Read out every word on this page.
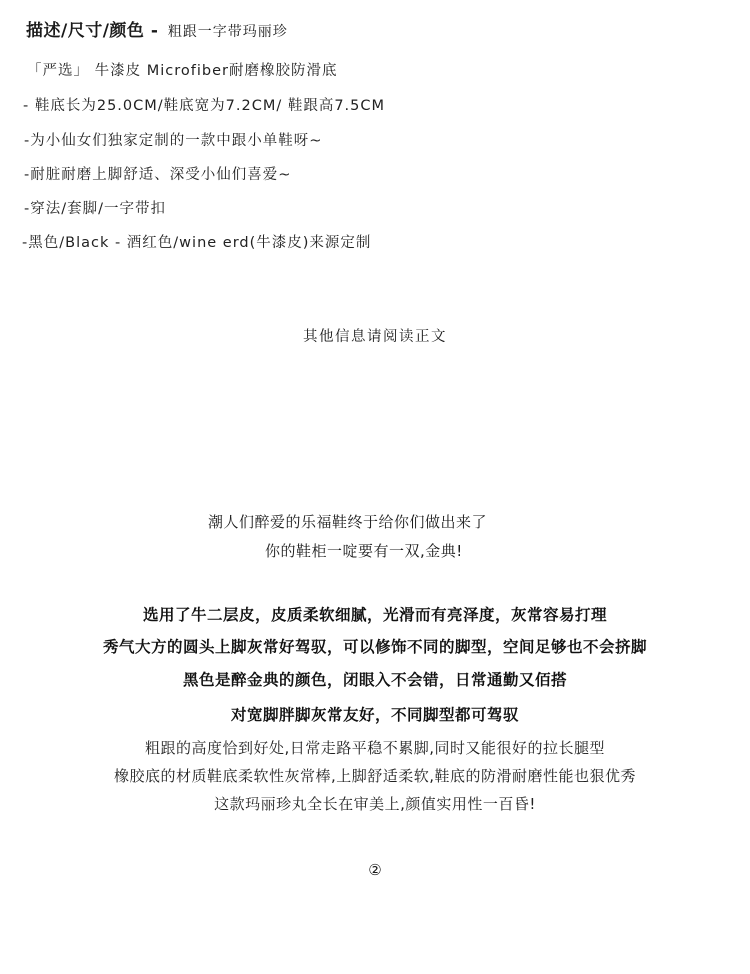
描述/尺寸/颜色 - 粗跟一字带玛丽珍
「严选」 牛漆皮 Microfiber耐磨橡胶防滑底
- 鞋底长为25.0CM/鞋底宽为7.2CM/ 鞋跟高7.5CM
-为小仙女们独家定制的一款中跟小单鞋呀~
-耐脏耐磨上脚舒适、深受小仙们喜爱~
-穿法/套脚/一字带扣
-黑色/Black - 酒红色/wine erd(牛漆皮)来源定制
其他信息请阅读正文
潮人们醉爱的乐福鞋终于给你们做出来了
你的鞋柜一啶要有一双,金典!
选用了牛二层皮，皮质柔软细腻，光滑而有亮泽度，灰常容易打理
秀气大方的圆头上脚灰常好驾驭，可以修饰不同的脚型，空间足够也不会挤脚
黑色是醉金典的颜色，闭眼入不会错，日常通勤又佰搭
对宽脚胖脚灰常友好，不同脚型都可驾驭
粗跟的高度恰到好处,日常走路平稳不累脚,同时又能很好的拉长腿型
橡胶底的材质鞋底柔软性灰常棒,上脚舒适柔软,鞋底的防滑耐磨性能也狠优秀
这款玛丽珍丸全长在审美上,颜值实用性一百昏!
②
